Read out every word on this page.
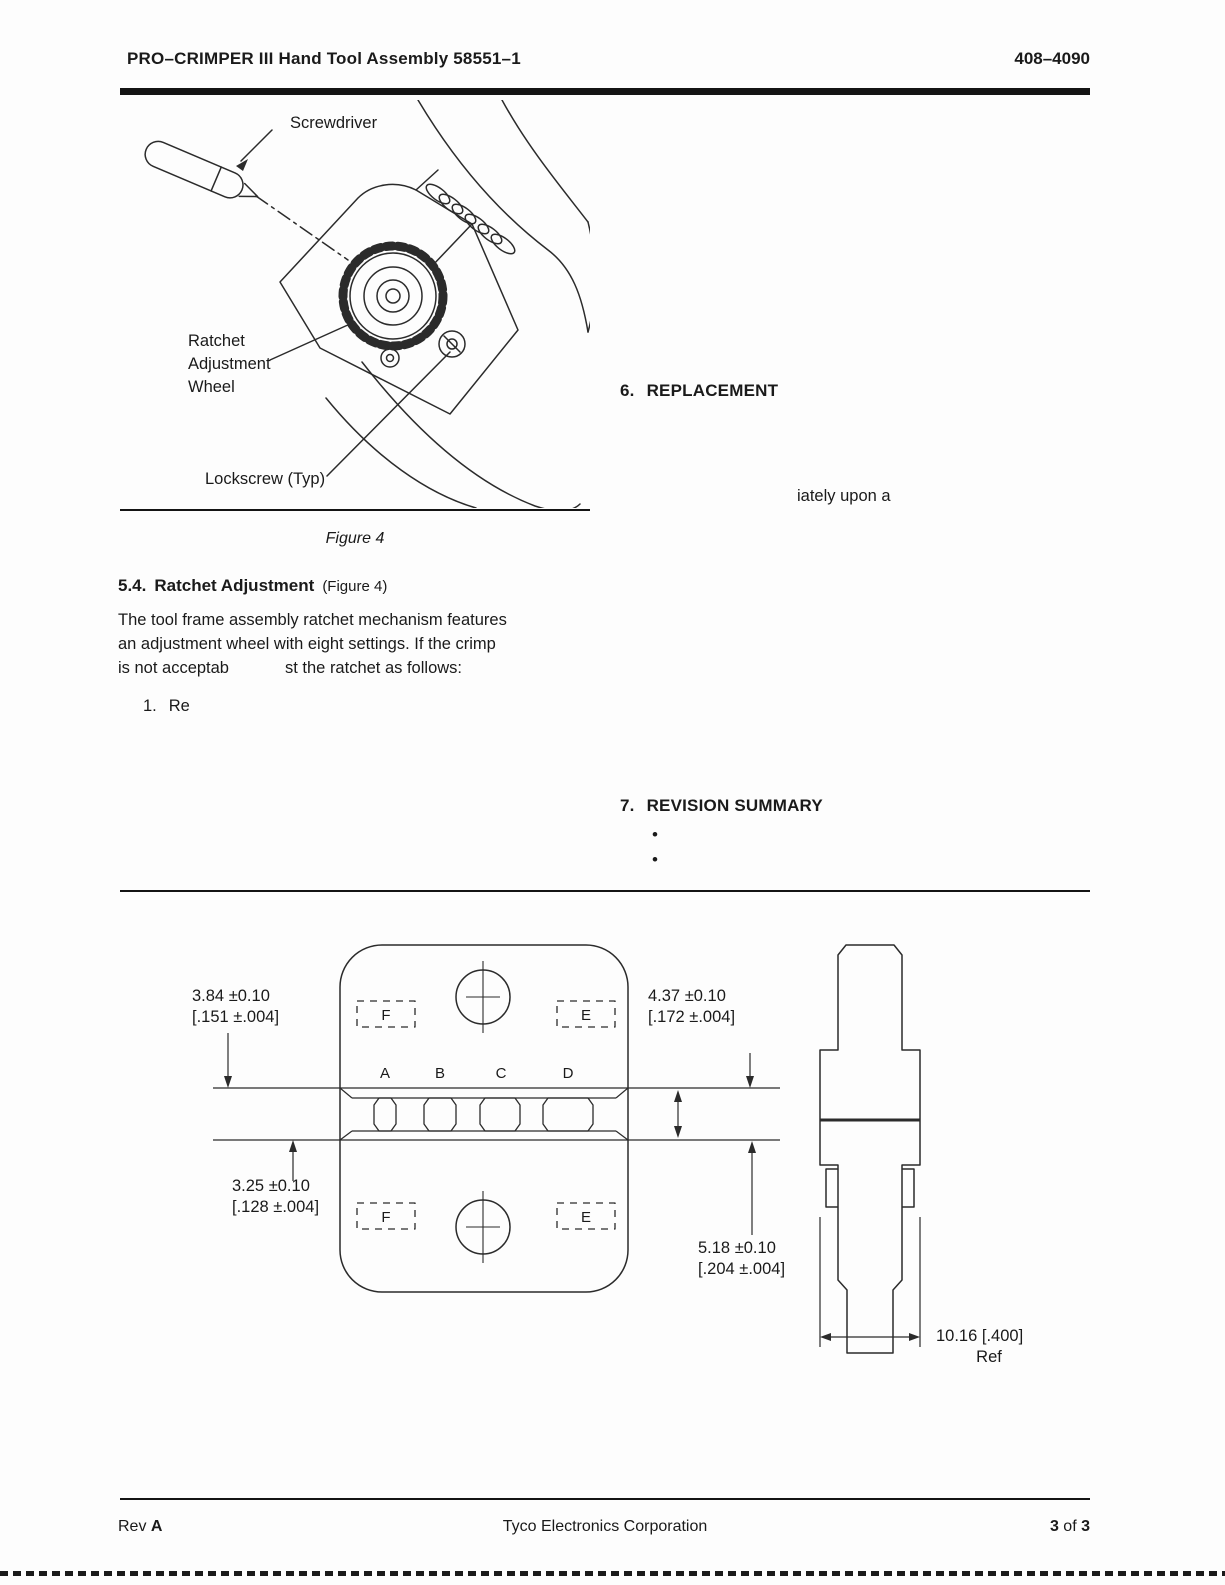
PRO–CRIMPER III Hand Tool Assembly 58551–1	408–4090
Screwdriver
Ratchet
Adjustment
Wheel
Lockscrew (Typ)
Figure 4
6. REPLACEMENT
iately upon a
5.4. Ratchet Adjustment (Figure 4)
The tool frame assembly ratchet mechanism features
an adjustment wheel with eight settings. If the crimp
is not acceptab	st the ratchet as follows:
1. Re
7. REVISION SUMMARY
•
•
A	B	C	D
F	E
F	E
3.84 ±0.10
[.151 ±.004]
4.37 ±0.10
[.172 ±.004]
3.25 ±0.10
[.128 ±.004]
5.18 ±0.10
[.204 ±.004]
10.16 [.400]
Ref
Rev A	Tyco Electronics Corporation	3 of 3
